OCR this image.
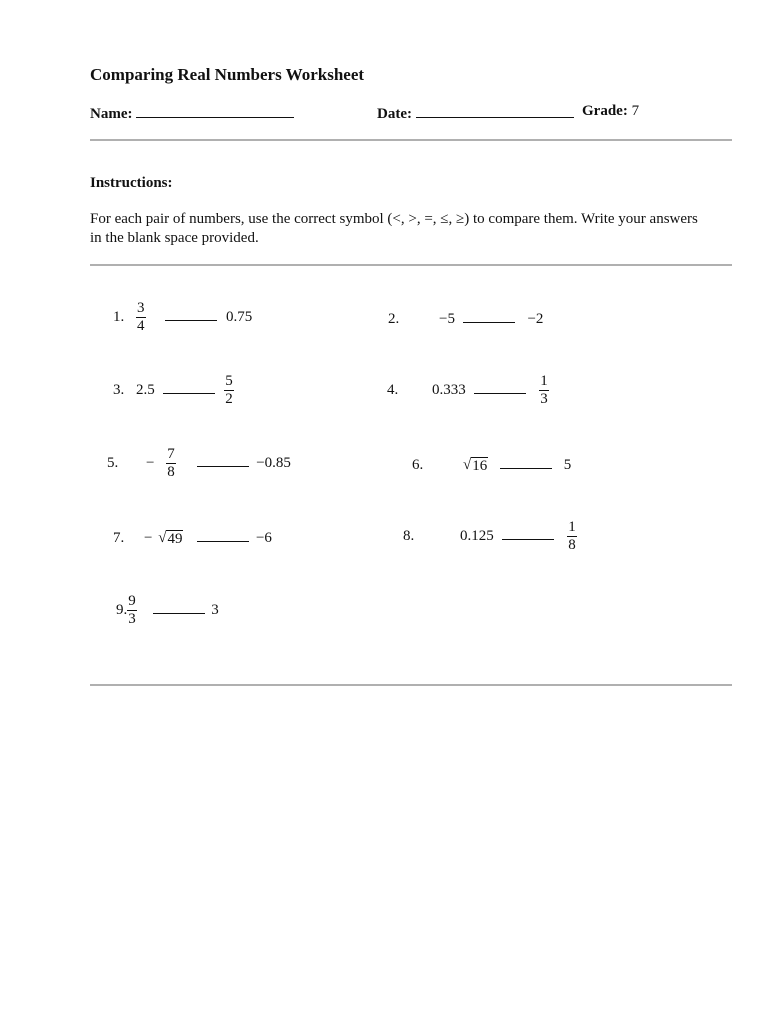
Comparing Real Numbers Worksheet
Name:	Date:	Grade: 7
Instructions:
For each pair of numbers, use the correct symbol (<, >, =, ≤, ≥) to compare them. Write your answers in the blank space provided.
1. $\frac{3}{4}$	0.75	2.	−5	−2
3. 2.5	$\frac{5}{2}$	4. 0.333	$\frac{1}{3}$
5. − $\frac{7}{8}$	−0.85	6.	√ 16	5
7. − √ 49	−6	8.	0.125	$\frac{1}{8}$
9. $\frac{9}{3}$	3
